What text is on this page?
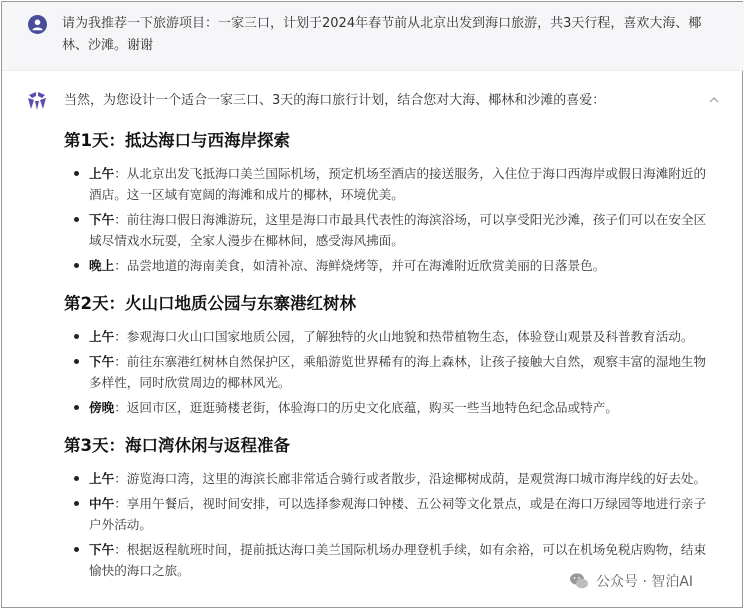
请为我推荐一下旅游项目：一家三口，计划于2024年春节前从北京出发到海口旅游，共3天行程，喜欢大海、椰林、沙滩。谢谢
当然，为您设计一个适合一家三口、3天的海口旅行计划，结合您对大海、椰林和沙滩的喜爱：
第1天：抵达海口与西海岸探索
上午：从北京出发飞抵海口美兰国际机场，预定机场至酒店的接送服务，入住位于海口西海岸或假日海滩附近的酒店。这一区域有宽阔的海滩和成片的椰林，环境优美。
下午：前往海口假日海滩游玩，这里是海口市最具代表性的海滨浴场，可以享受阳光沙滩，孩子们可以在安全区域尽情戏水玩耍，全家人漫步在椰林间，感受海风拂面。
晚上：品尝地道的海南美食，如清补凉、海鲜烧烤等，并可在海滩附近欣赏美丽的日落景色。
第2天：火山口地质公园与东寨港红树林
上午：参观海口火山口国家地质公园，了解独特的火山地貌和热带植物生态，体验登山观景及科普教育活动。
下午：前往东寨港红树林自然保护区，乘船游览世界稀有的海上森林，让孩子接触大自然，观察丰富的湿地生物多样性，同时欣赏周边的椰林风光。
傍晚：返回市区，逛逛骑楼老街，体验海口的历史文化底蕴，购买一些当地特色纪念品或特产。
第3天：海口湾休闲与返程准备
上午：游览海口湾，这里的海滨长廊非常适合骑行或者散步，沿途椰树成荫，是观赏海口城市海岸线的好去处。
中午：享用午餐后，视时间安排，可以选择参观海口钟楼、五公祠等文化景点，或是在海口万绿园等地进行亲子户外活动。
下午：根据返程航班时间，提前抵达海口美兰国际机场办理登机手续，如有余裕，可以在机场免税店购物，结束愉快的海口之旅。
公众号 · 智泊AI
